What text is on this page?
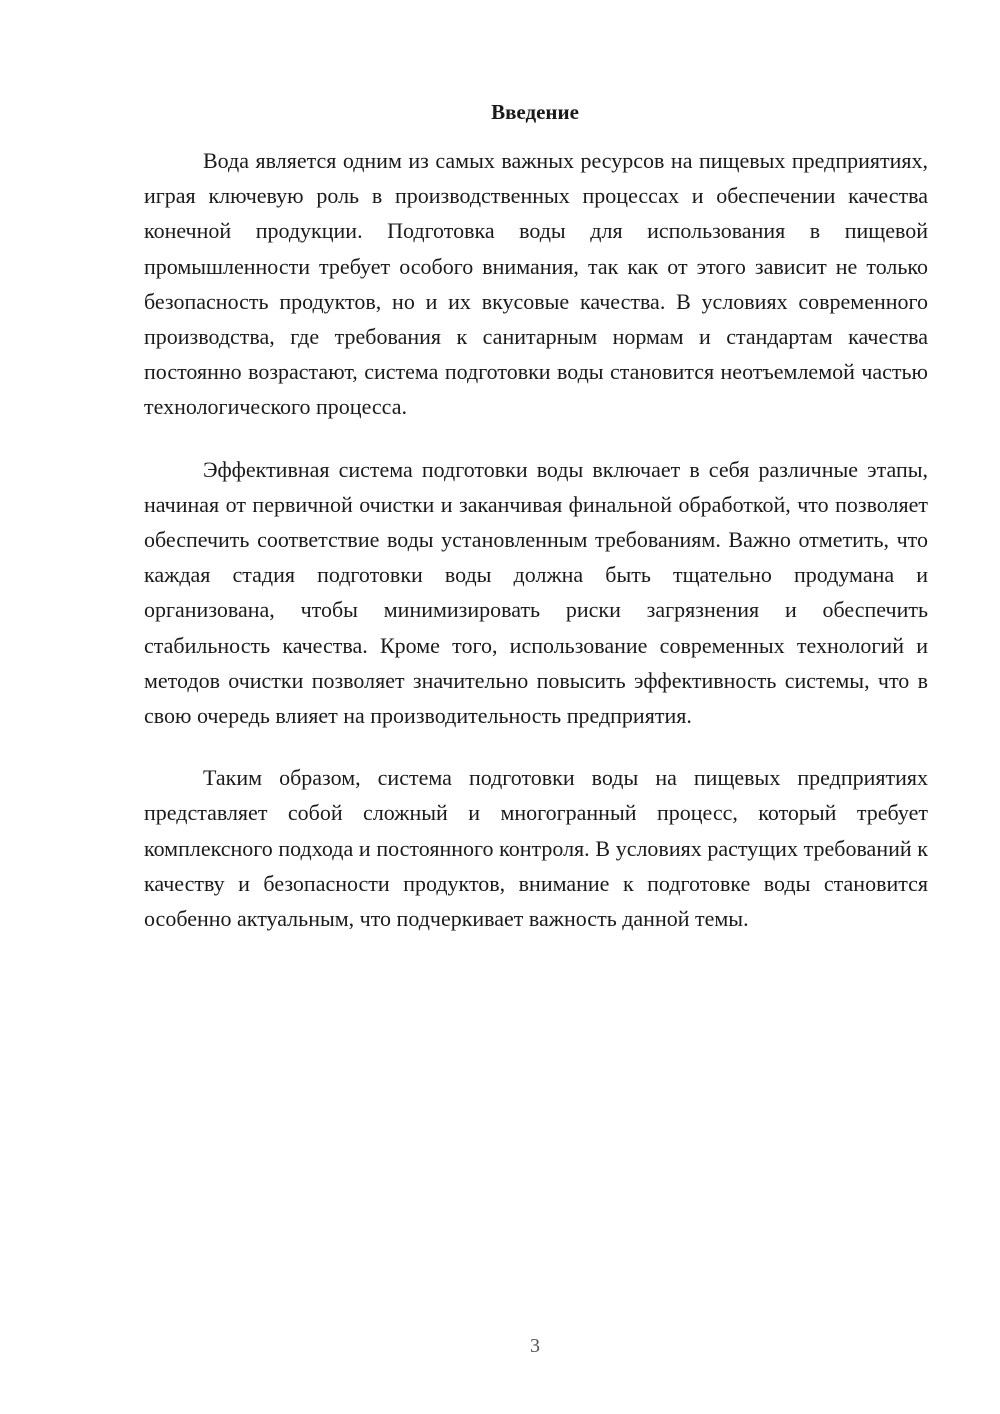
Введение

Вода является одним из самых важных ресурсов на пищевых предприятиях, играя ключевую роль в производственных процессах и обеспечении качества конечной продукции. Подготовка воды для использования в пищевой промышленности требует особого внимания, так как от этого зависит не только безопасность продуктов, но и их вкусовые качества. В условиях современного производства, где требования к санитарным нормам и стандартам качества постоянно возрастают, система подготовки воды становится неотъемлемой частью технологического процесса.

Эффективная система подготовки воды включает в себя различные этапы, начиная от первичной очистки и заканчивая финальной обработкой, что позволяет обеспечить соответствие воды установленным требованиям. Важно отметить, что каждая стадия подготовки воды должна быть тщательно продумана и организована, чтобы минимизировать риски загрязнения и обеспечить стабильность качества. Кроме того, использование современных технологий и методов очистки позволяет значительно повысить эффективность системы, что в свою очередь влияет на производительность предприятия.

Таким образом, система подготовки воды на пищевых предприятиях представляет собой сложный и многогранный процесс, который требует комплексного подхода и постоянного контроля. В условиях растущих требований к качеству и безопасности продуктов, внимание к подготовке воды становится особенно актуальным, что подчеркивает важность данной темы.

3
